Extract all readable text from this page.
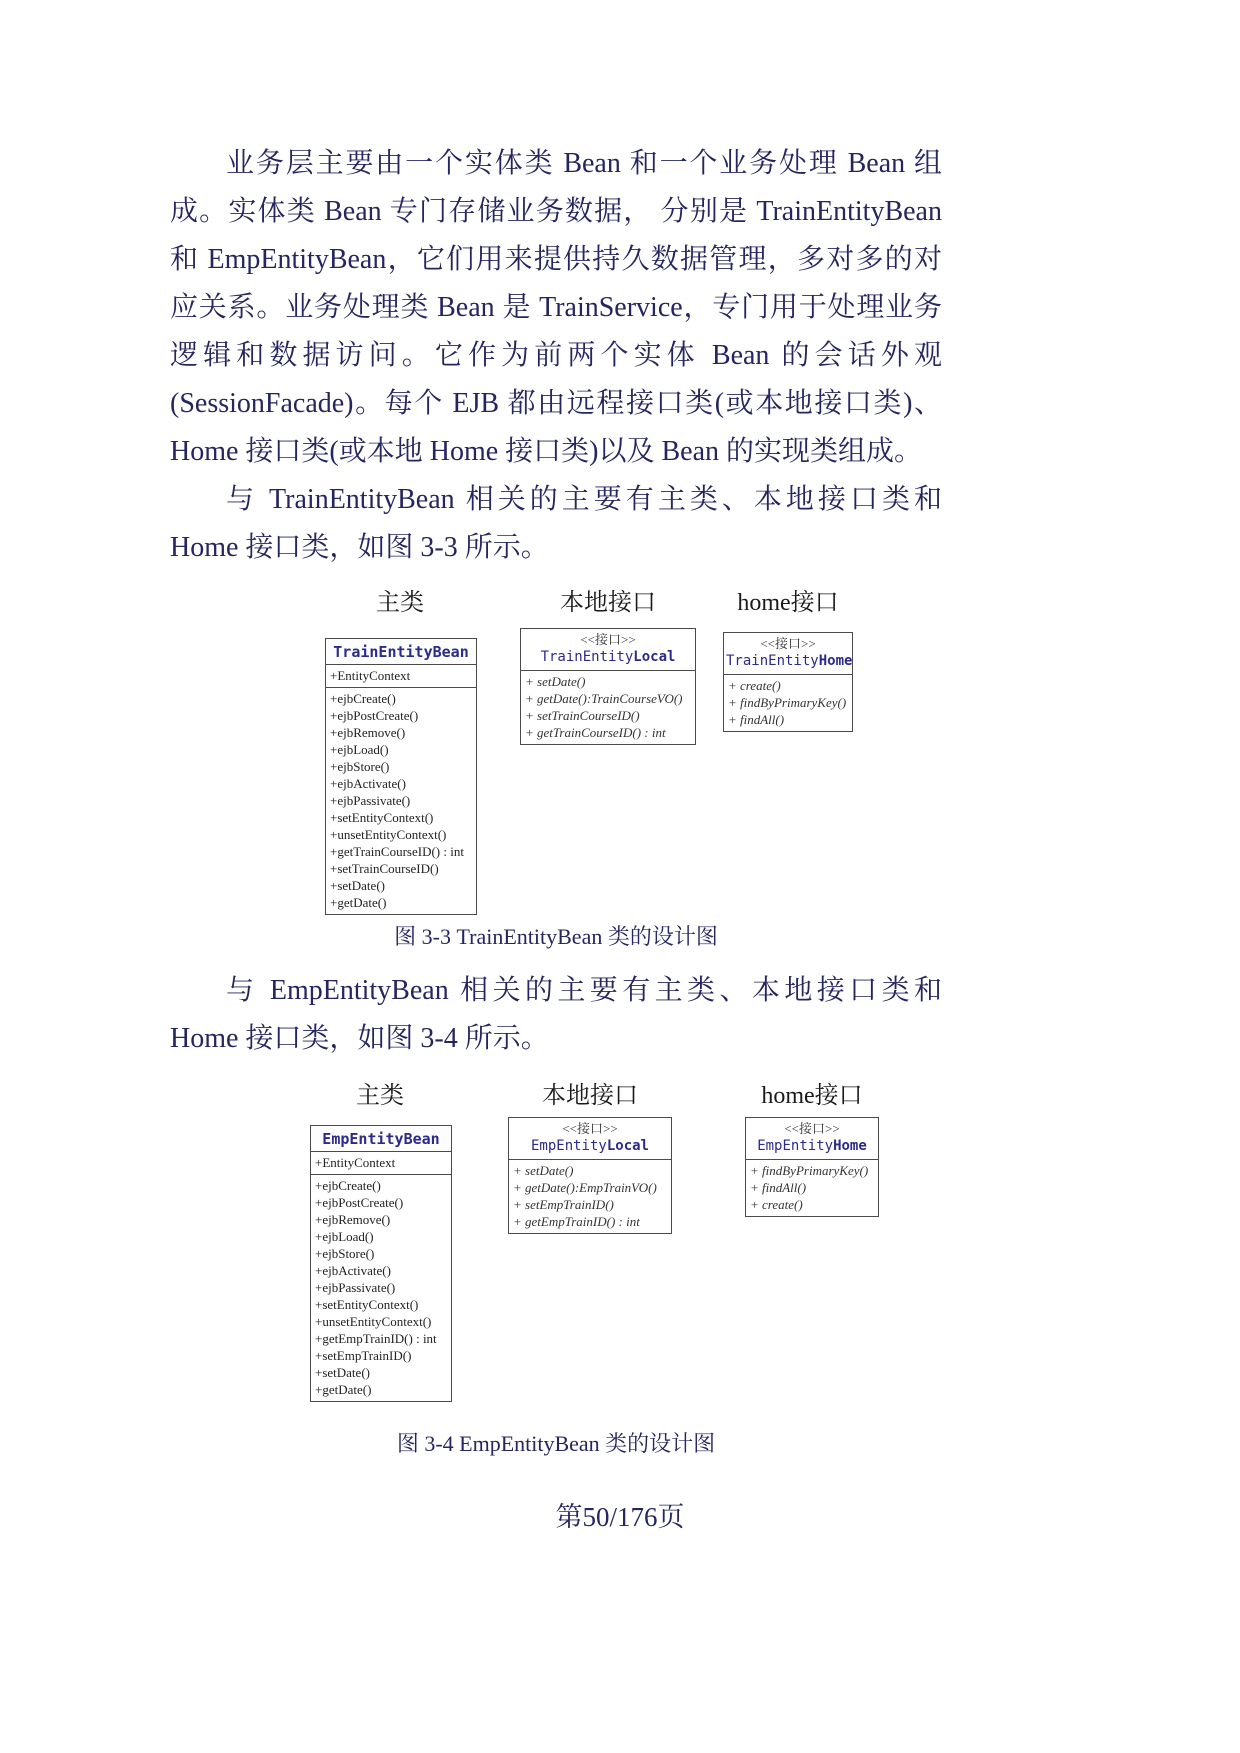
业务层主要由一个实体类 Bean 和一个业务处理 Bean 组成。实体类 Bean 专门存储业务数据， 分别是 TrainEntityBean 和 EmpEntityBean，它们用来提供持久数据管理，多对多的对应关系。业务处理类 Bean 是 TrainService，专门用于处理业务逻辑和数据访问。它作为前两个实体 Bean 的会话外观(SessionFacade)。每个 EJB 都由远程接口类(或本地接口类)、Home 接口类(或本地 Home 接口类)以及 Bean 的实现类组成。

与 TrainEntityBean 相关的主要有主类、本地接口类和 Home 接口类，如图 3-3 所示。

主类	本地接口	home接口
TrainEntityBean
+EntityContext
+ejbCreate()
+ejbPostCreate()
+ejbRemove()
+ejbLoad()
+ejbStore()
+ejbActivate()
+ejbPassivate()
+setEntityContext()
+unsetEntityContext()
+getTrainCourseID() : int
+setTrainCourseID()
+setDate()
+getDate()
<<接口>>
TrainEntityLocal
+ setDate()
+ getDate():TrainCourseVO()
+ setTrainCourseID()
+ getTrainCourseID() : int
<<接口>>
TrainEntityHome
+ create()
+ findByPrimaryKey()
+ findAll()
图 3-3 TrainEntityBean 类的设计图

与 EmpEntityBean 相关的主要有主类、本地接口类和 Home 接口类，如图 3-4 所示。

主类	本地接口	home接口
EmpEntityBean
+EntityContext
+ejbCreate()
+ejbPostCreate()
+ejbRemove()
+ejbLoad()
+ejbStore()
+ejbActivate()
+ejbPassivate()
+setEntityContext()
+unsetEntityContext()
+getEmpTrainID() : int
+setEmpTrainID()
+setDate()
+getDate()
<<接口>>
EmpEntityLocal
+ setDate()
+ getDate():EmpTrainVO()
+ setEmpTrainID()
+ getEmpTrainID() : int
<<接口>>
EmpEntityHome
+ findByPrimaryKey()
+ findAll()
+ create()
图 3-4 EmpEntityBean 类的设计图
第50/176页
